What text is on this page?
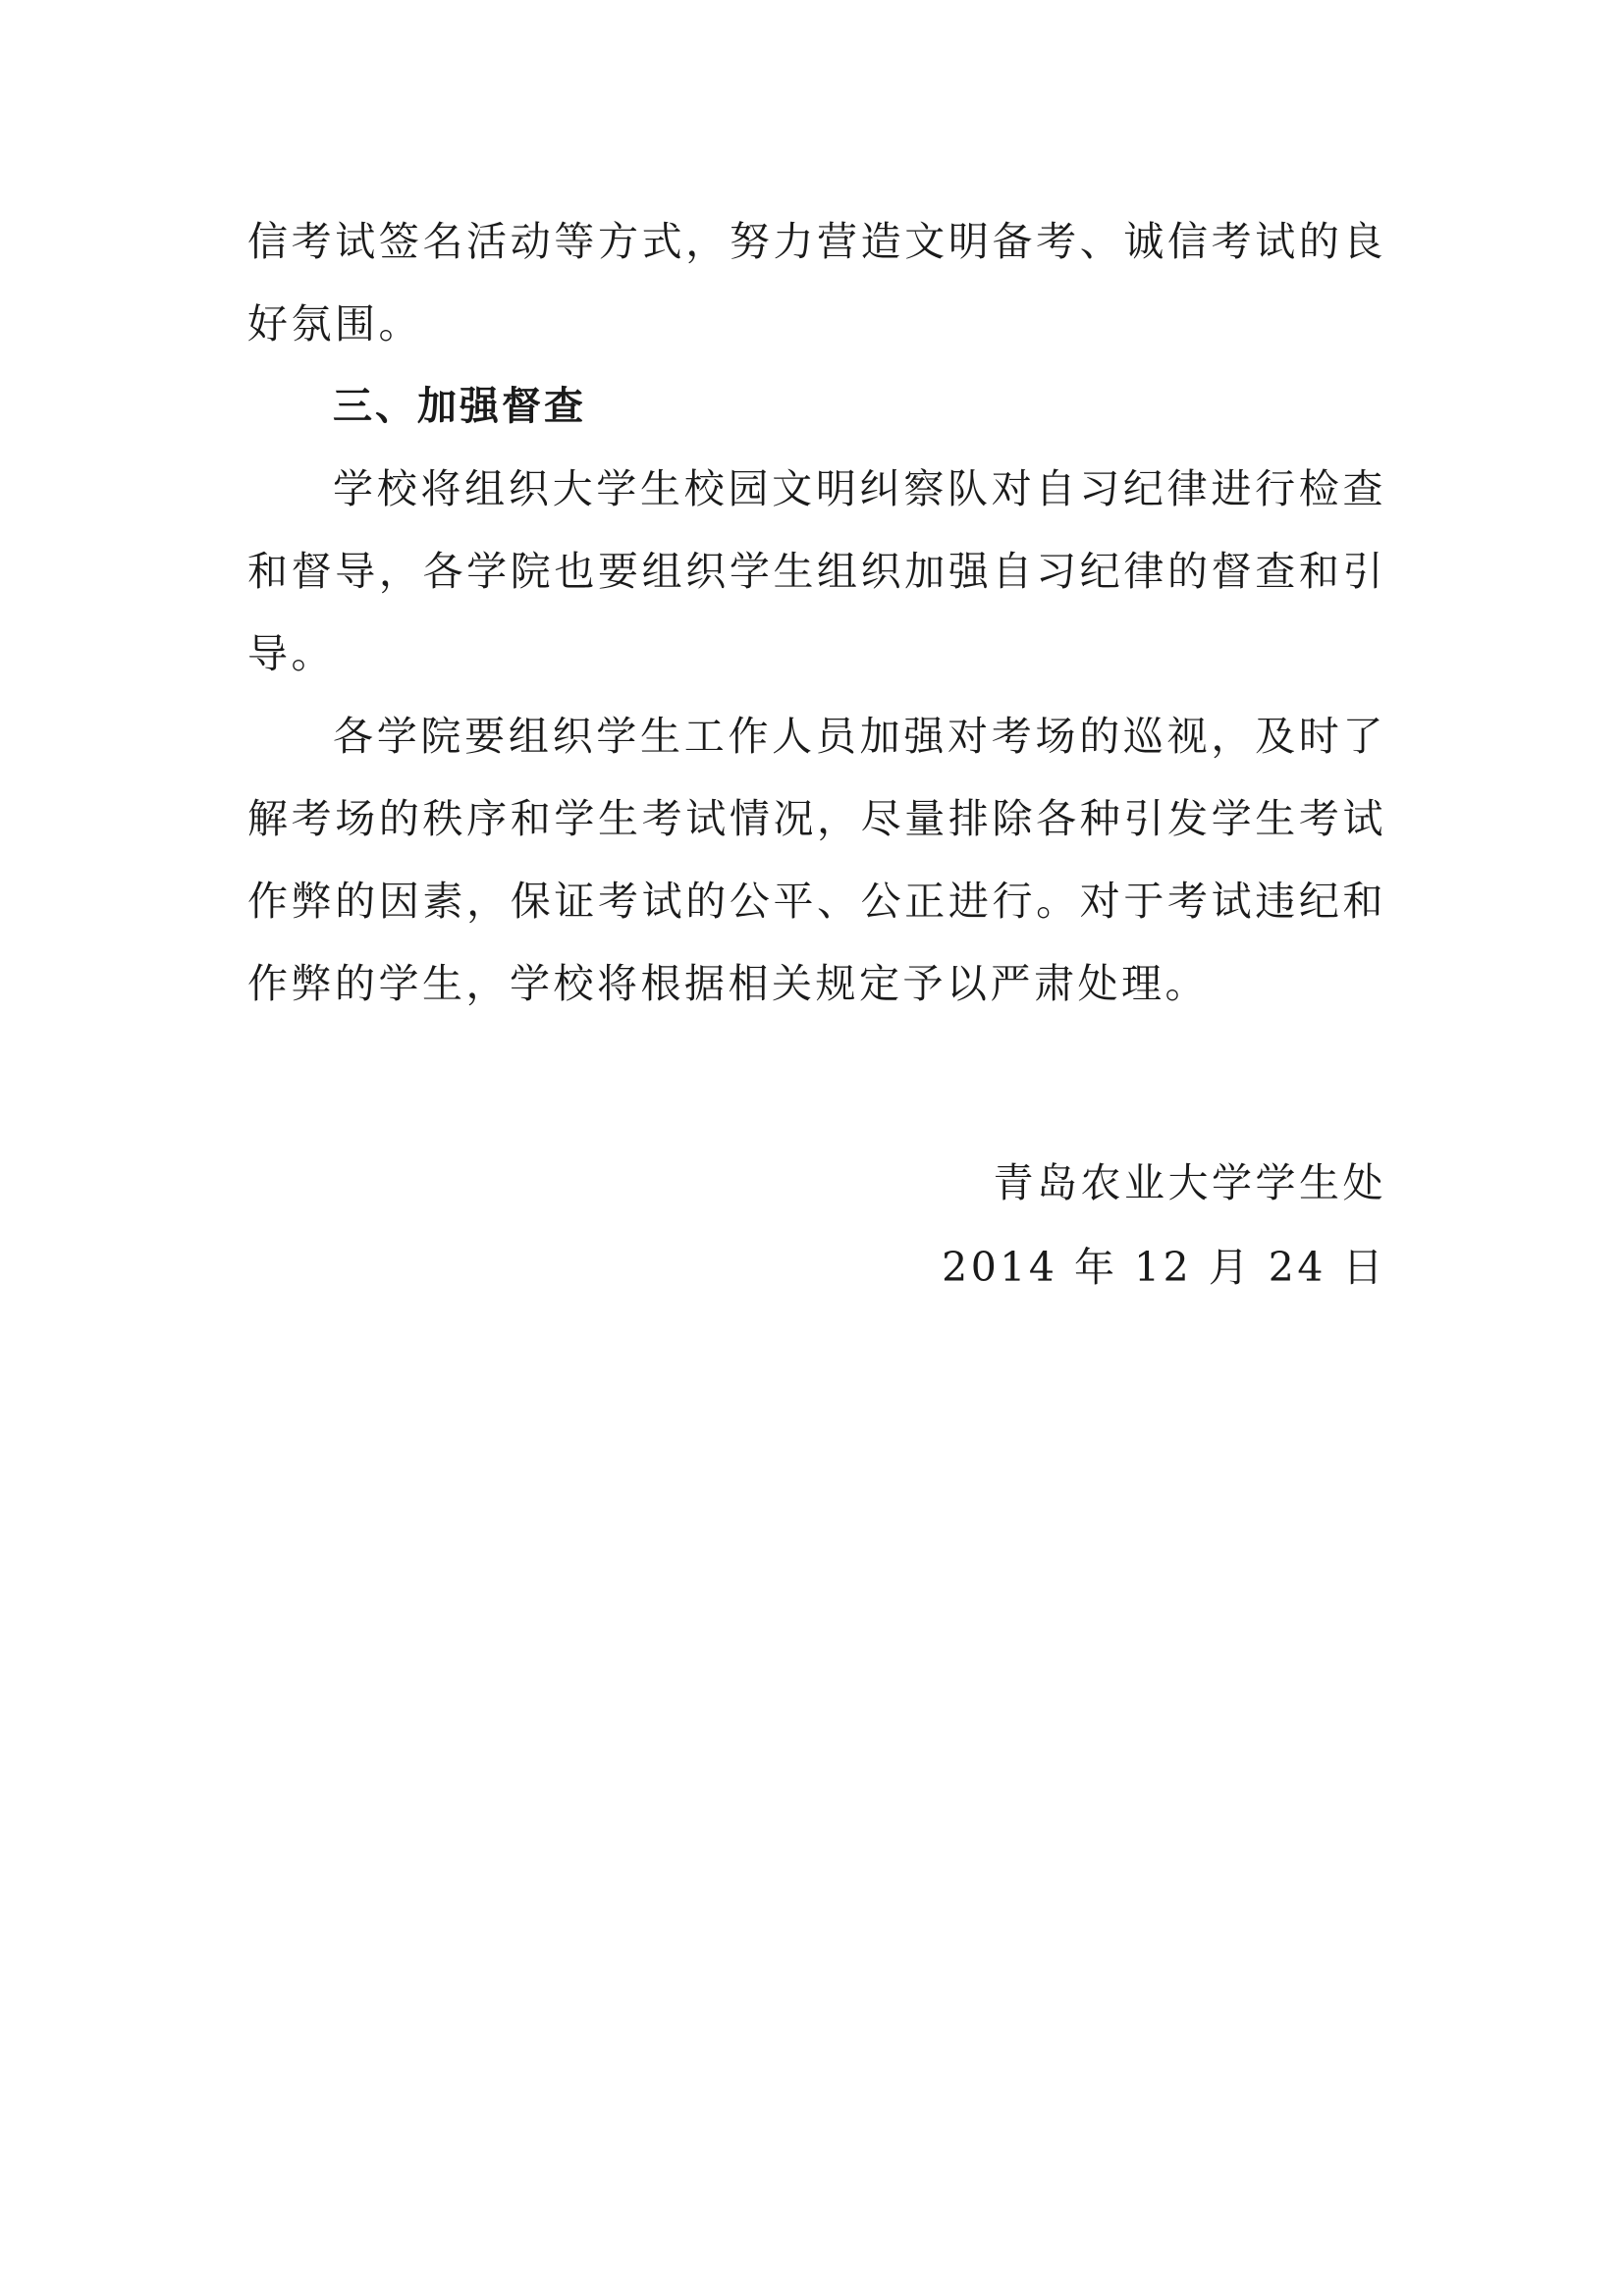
信考试签名活动等方式，努力营造文明备考、诚信考试的良好氛围。

三、加强督查

学校将组织大学生校园文明纠察队对自习纪律进行检查和督导，各学院也要组织学生组织加强自习纪律的督查和引导。

各学院要组织学生工作人员加强对考场的巡视，及时了解考场的秩序和学生考试情况，尽量排除各种引发学生考试作弊的因素，保证考试的公平、公正进行。对于考试违纪和作弊的学生，学校将根据相关规定予以严肃处理。

青岛农业大学学生处
2014 年 12 月 24 日
